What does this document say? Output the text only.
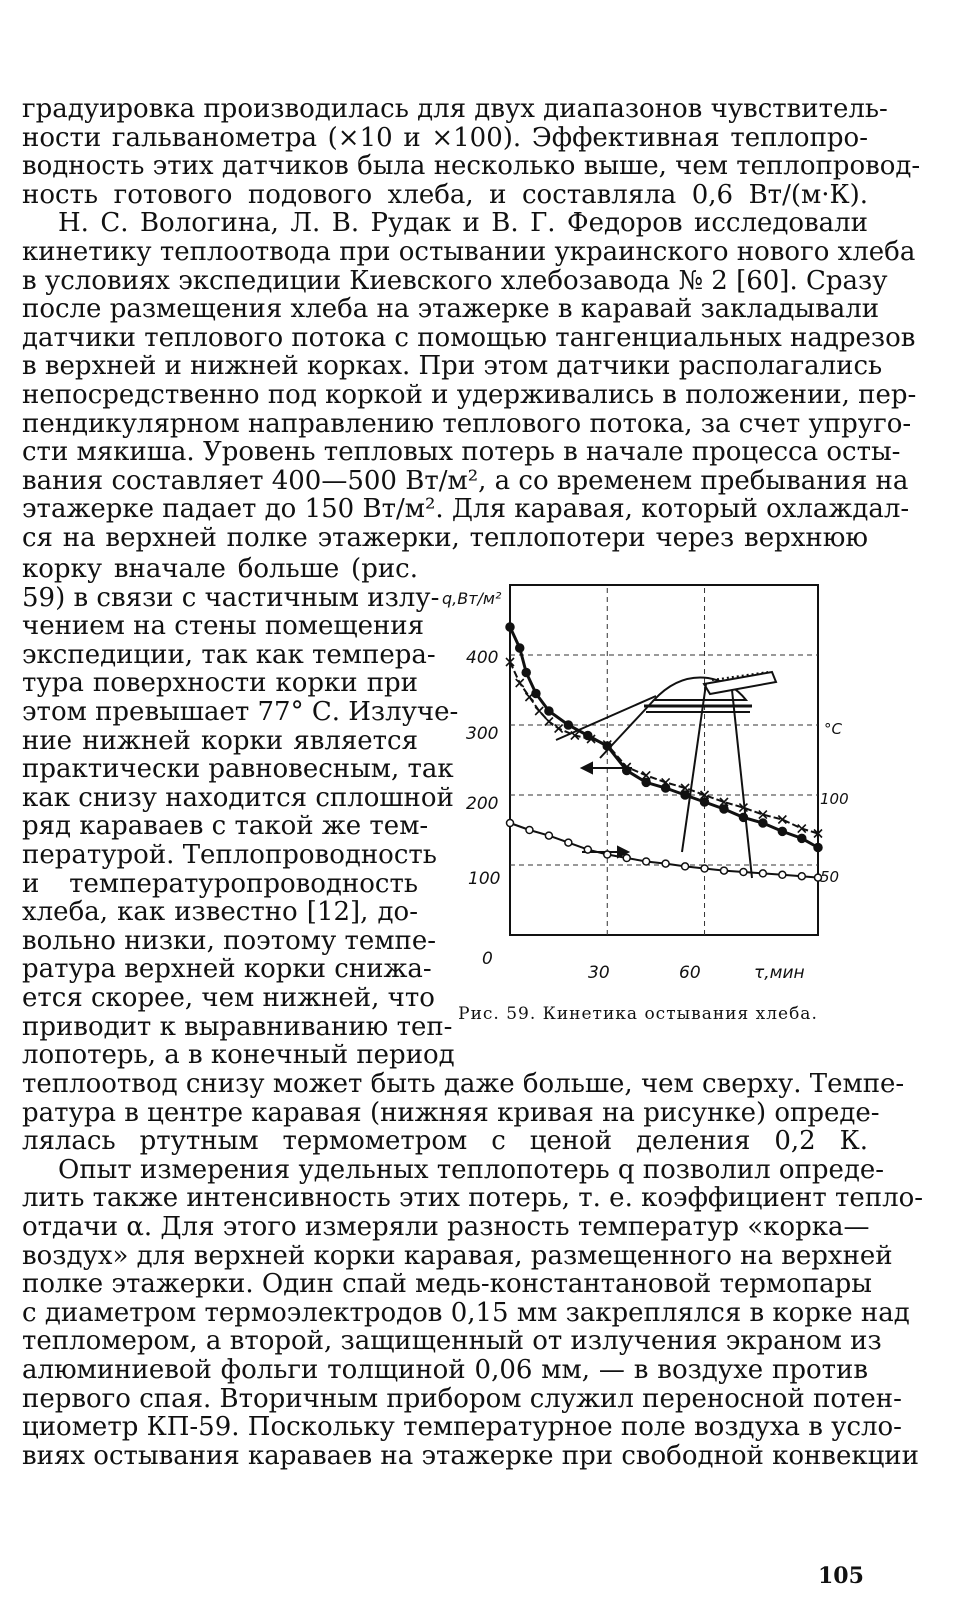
градуировка производилась для двух диапазонов чувствитель-
ности гальванометра (×10 и ×100). Эффективная теплопро-
водность этих датчиков была несколько выше, чем теплопровод-
ность готового подового хлеба, и составляла 0,6 Вт/(м·К).
Н. С. Вологина, Л. В. Рудак и В. Г. Федоров исследовали
кинетику теплоотвода при остывании украинского нового хлеба
в условиях экспедиции Киевского хлебозавода № 2 [60]. Сразу
после размещения хлеба на этажерке в каравай закладывали
датчики теплового потока с помощью тангенциальных надрезов
в верхней и нижней корках. При этом датчики располагались
непосредственно под коркой и удерживались в положении, пер-
пендикулярном направлению теплового потока, за счет упруго-
сти мякиша. Уровень тепловых потерь в начале процесса осты-
вания составляет 400—500 Вт/м², а со временем пребывания на
этажерке падает до 150 Вт/м². Для каравая, который охлаждал-
ся на верхней полке этажерки, теплопотери через верхнюю
корку вначале больше (рис.
59) в связи с частичным излу-
чением на стены помещения
экспедиции, так как темпера-
тура поверхности корки при
этом превышает 77° С. Излуче-
ние нижней корки является
практически равновесным, так
как снизу находится сплошной
ряд караваев с такой же тем-
пературой. Теплопроводность
и температуропроводность
хлеба, как известно [12], до-
вольно низки, поэтому темпе-
ратура верхней корки снижа-
ется скорее, чем нижней, что
приводит к выравниванию теп-
лопотерь, а в конечный период
теплоотвод снизу может быть даже больше, чем сверху. Темпе-
ратура в центре каравая (нижняя кривая на рисунке) опреде-
лялась ртутным термометром с ценой деления 0,2 К.
Опыт измерения удельных теплопотерь q позволил опреде-
лить также интенсивность этих потерь, т. е. коэффициент тепло-
отдачи α. Для этого измеряли разность температур «корка—
воздух» для верхней корки каравая, размещенного на верхней
полке этажерки. Один спай медь-константановой термопары
с диаметром термоэлектродов 0,15 мм закреплялся в корке над
тепломером, а второй, защищенный от излучения экраном из
алюминиевой фольги толщиной 0,06 мм, — в воздухе против
первого спая. Вторичным прибором служил переносной потен-
циометр КП-59. Поскольку температурное поле воздуха в усло-
виях остывания караваев на этажерке при свободной конвекции
q,Вт/м²
400
300
200
100
0
30	60	τ,мин
°С
100
50
Рис. 59. Кинетика остывания хлеба.
105
